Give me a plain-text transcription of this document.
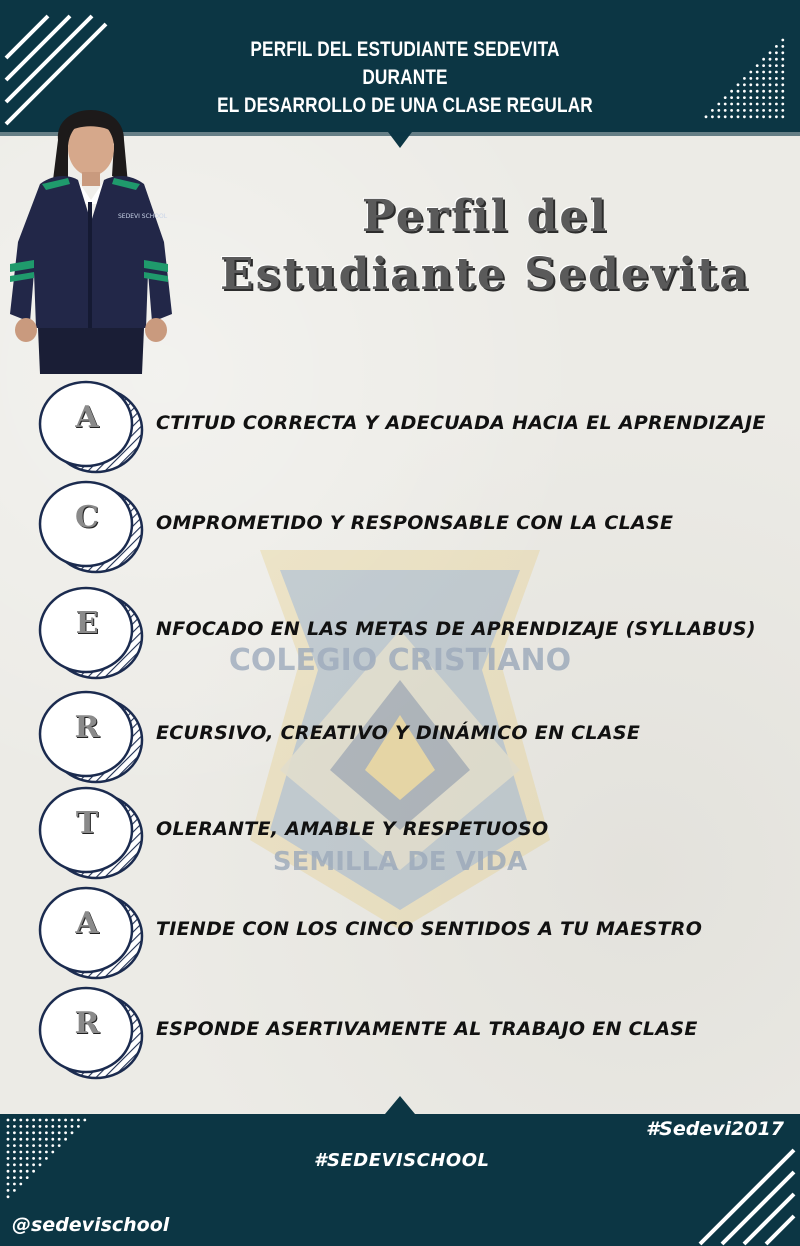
PERFIL DEL ESTUDIANTE SEDEVITA DURANTE
EL DESARROLLO DE UNA CLASE REGULAR
SEDEVI SCHOOL	Perfil del
Estudiante Sedevita
COLEGIO CRISTIANO
SEMILLA DE VIDA
A	CTITUD CORRECTA Y ADECUADA HACIA EL APRENDIZAJE
C	OMPROMETIDO Y RESPONSABLE CON LA CLASE
E	NFOCADO EN LAS METAS DE APRENDIZAJE (SYLLABUS)
R	ECURSIVO, CREATIVO Y DINÁMICO EN CLASE
T	OLERANTE, AMABLE Y RESPETUOSO
A	TIENDE CON LOS CINCO SENTIDOS A TU MAESTRO
R	ESPONDE ASERTIVAMENTE AL TRABAJO EN CLASE
#Sedevi2017
#SEDEVISCHOOL
@sedevischool
